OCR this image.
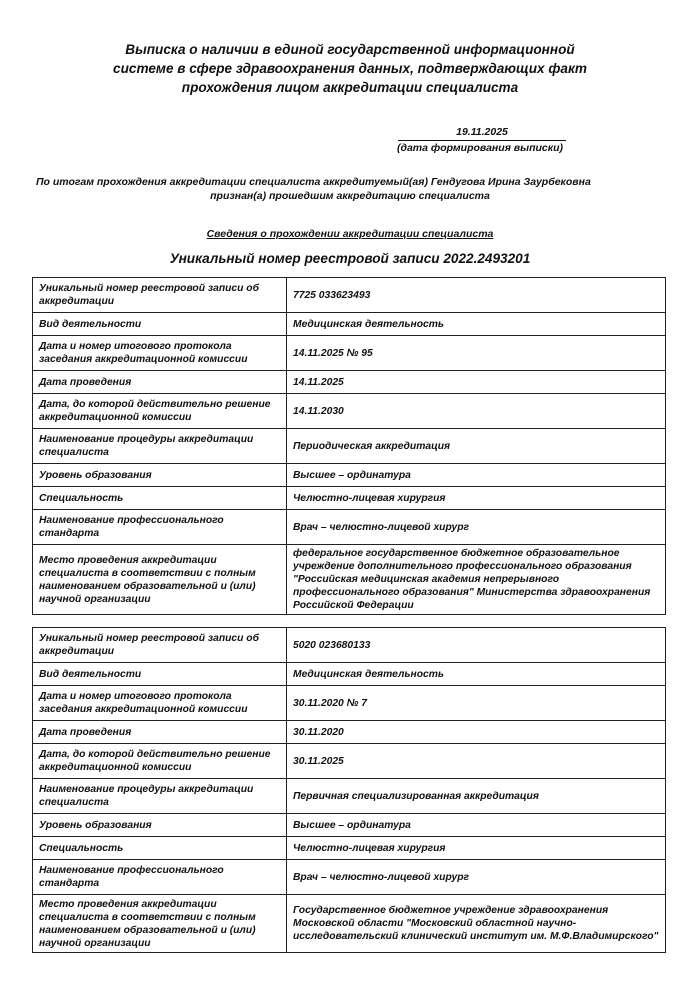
Выписка о наличии в единой государственной информационной
системе в сфере здравоохранения данных, подтверждающих факт
прохождения лицом аккредитации специалиста
19.11.2025
(дата формирования выписки)
По итогам прохождения аккредитации специалиста аккредитуемый(ая) Гендугова Ирина Заурбековна
признан(а) прошедшим аккредитацию специалиста
Сведения о прохождении аккредитации специалиста
Уникальный номер реестровой записи 2022.2493201
Уникальный номер реестровой записи об аккредитации	7725 033623493
Вид деятельности	Медицинская деятельность
Дата и номер итогового протокола заседания аккредитационной комиссии	14.11.2025 № 95
Дата проведения	14.11.2025
Дата, до которой действительно решение аккредитационной комиссии	14.11.2030
Наименование процедуры аккредитации специалиста	Периодическая аккредитация
Уровень образования	Высшее – ординатура
Специальность	Челюстно-лицевая хирургия
Наименование профессионального стандарта	Врач – челюстно-лицевой хирург
Место проведения аккредитации специалиста в соответствии с полным наименованием образовательной и (или) научной организации	федеральное государственное бюджетное образовательное учреждение дополнительного профессионального образования "Российская медицинская академия непрерывного профессионального образования" Министерства здравоохранения Российской Федерации
Уникальный номер реестровой записи об аккредитации	5020 023680133
Вид деятельности	Медицинская деятельность
Дата и номер итогового протокола заседания аккредитационной комиссии	30.11.2020 № 7
Дата проведения	30.11.2020
Дата, до которой действительно решение аккредитационной комиссии	30.11.2025
Наименование процедуры аккредитации специалиста	Первичная специализированная аккредитация
Уровень образования	Высшее – ординатура
Специальность	Челюстно-лицевая хирургия
Наименование профессионального стандарта	Врач – челюстно-лицевой хирург
Место проведения аккредитации специалиста в соответствии с полным наименованием образовательной и (или) научной организации	Государственное бюджетное учреждение здравоохранения Московской области "Московский областной научно-исследовательский клинический институт им. М.Ф.Владимирского"
